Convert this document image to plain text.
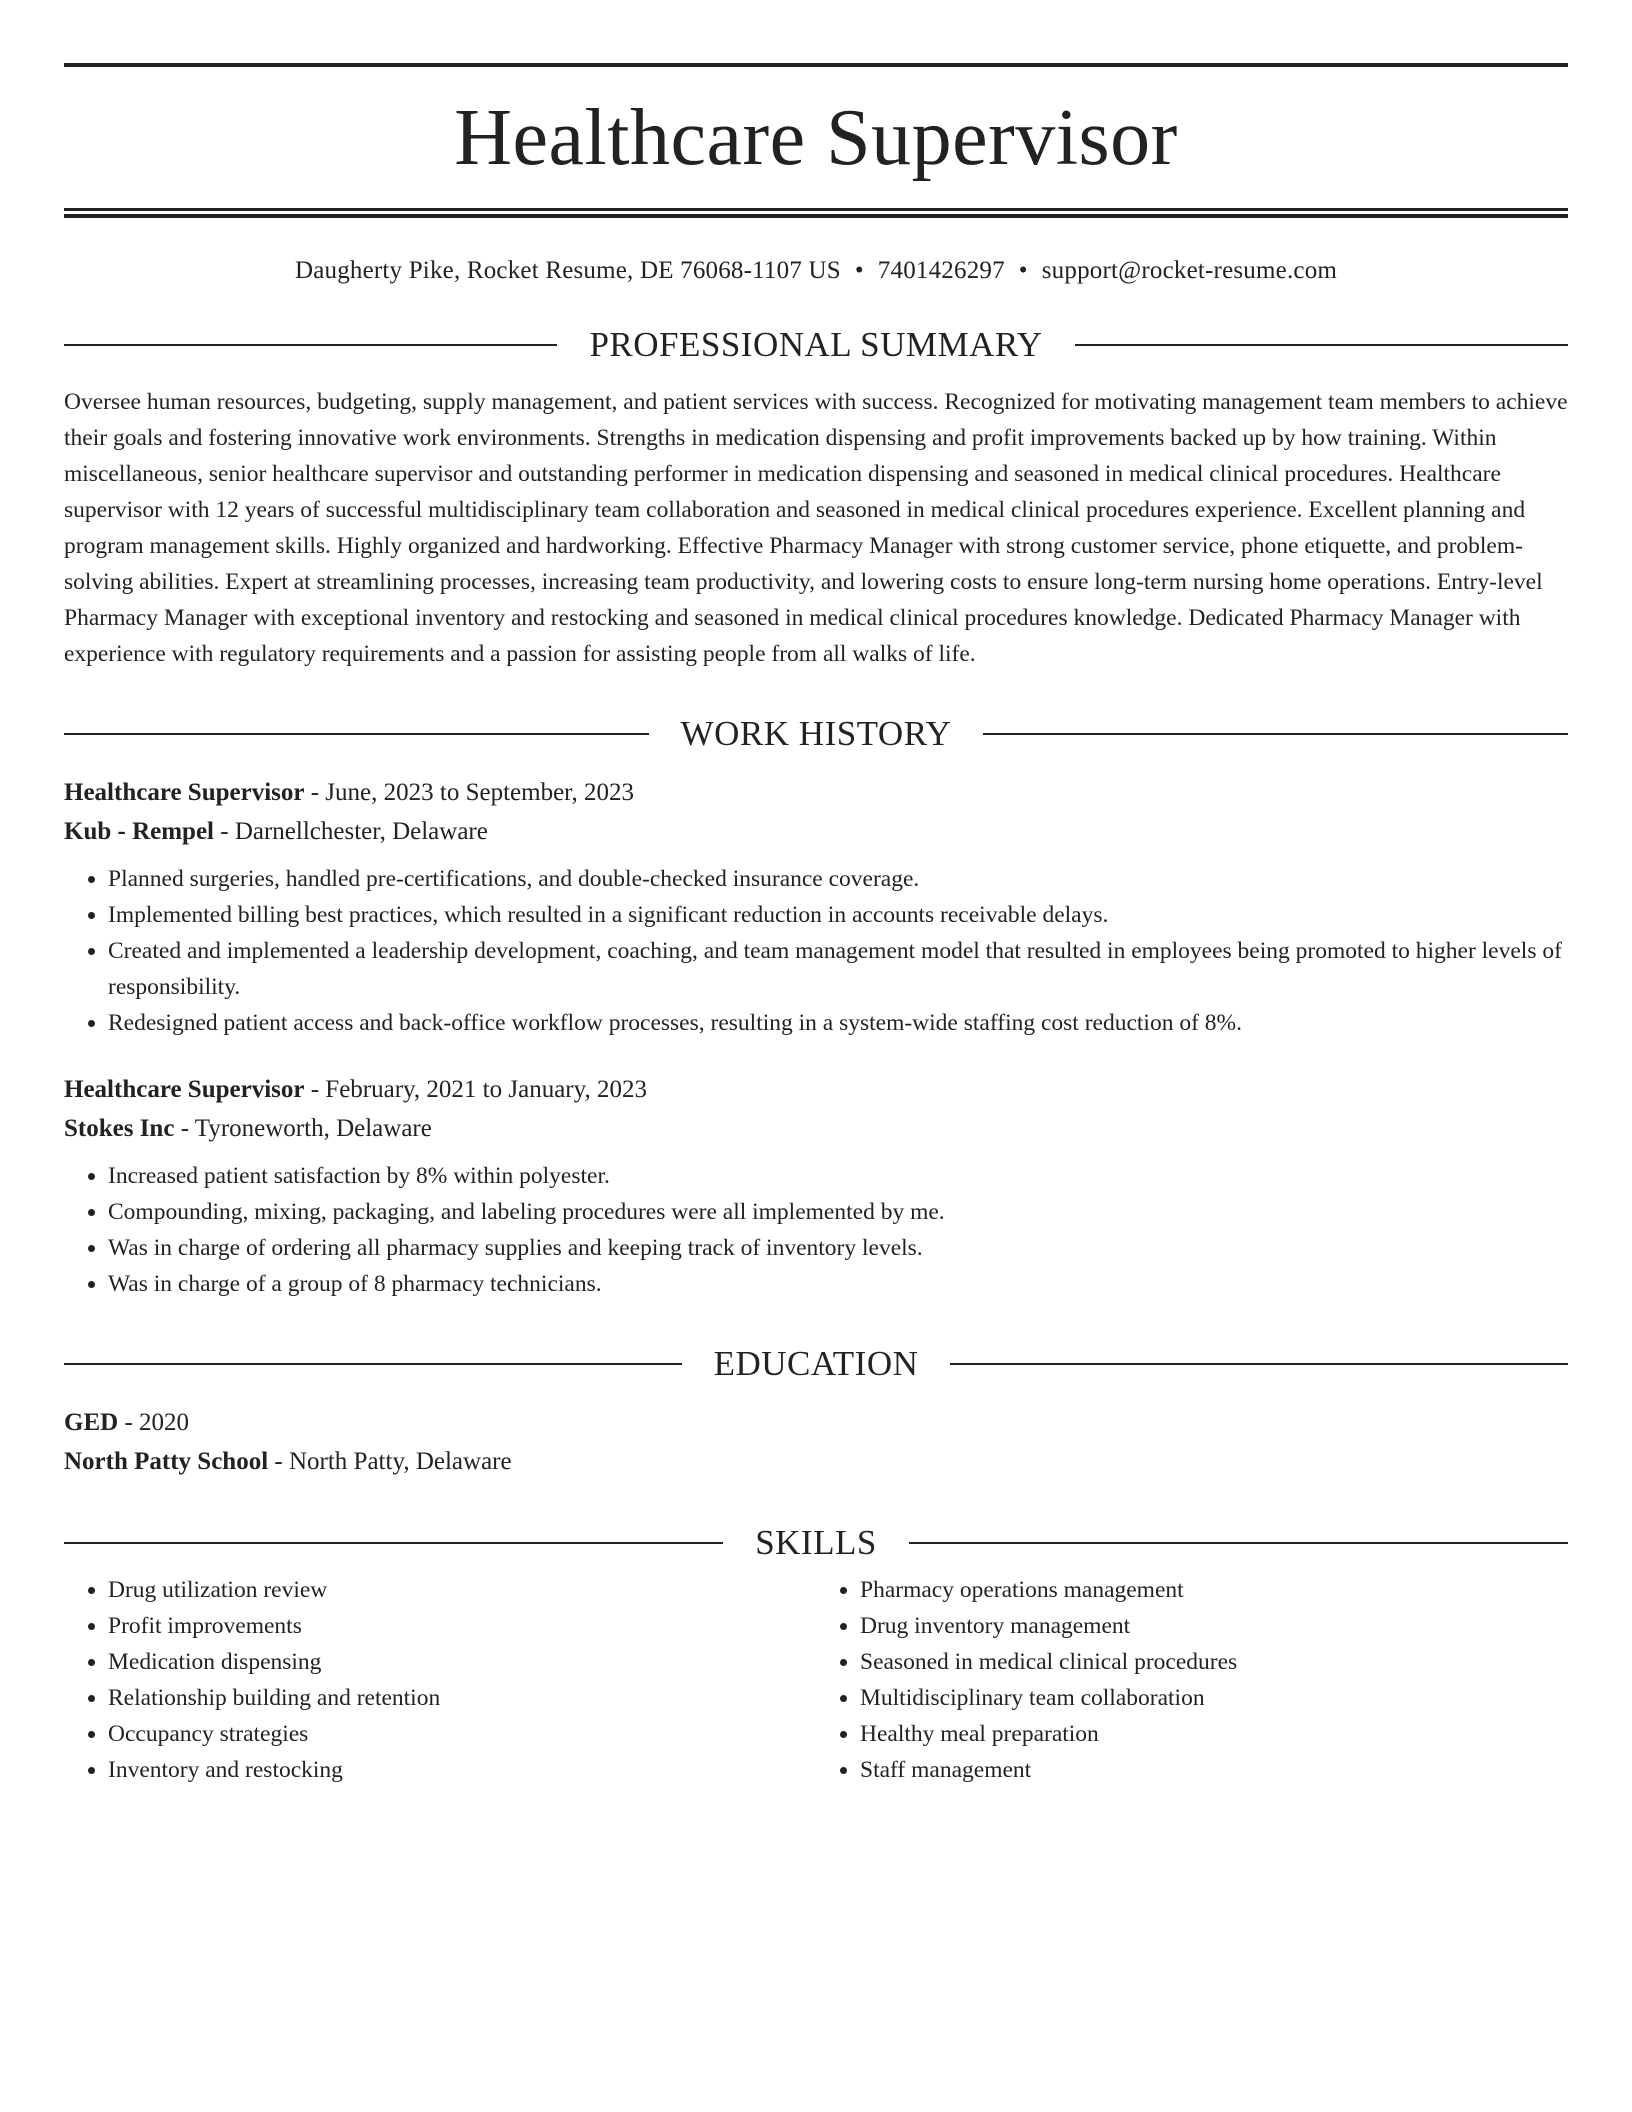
Healthcare Supervisor
Daugherty Pike, Rocket Resume, DE 76068-1107 US • 7401426297 • support@rocket-resume.com
PROFESSIONAL SUMMARY
Oversee human resources, budgeting, supply management, and patient services with success. Recognized for motivating management team members to achieve their goals and fostering innovative work environments. Strengths in medication dispensing and profit improvements backed up by how training. Within miscellaneous, senior healthcare supervisor and outstanding performer in medication dispensing and seasoned in medical clinical procedures. Healthcare supervisor with 12 years of successful multidisciplinary team collaboration and seasoned in medical clinical procedures experience. Excellent planning and program management skills. Highly organized and hardworking. Effective Pharmacy Manager with strong customer service, phone etiquette, and problem-solving abilities. Expert at streamlining processes, increasing team productivity, and lowering costs to ensure long-term nursing home operations. Entry-level Pharmacy Manager with exceptional inventory and restocking and seasoned in medical clinical procedures knowledge. Dedicated Pharmacy Manager with experience with regulatory requirements and a passion for assisting people from all walks of life.
WORK HISTORY
Healthcare Supervisor - June, 2023 to September, 2023
Kub - Rempel - Darnellchester, Delaware
• Planned surgeries, handled pre-certifications, and double-checked insurance coverage.
• Implemented billing best practices, which resulted in a significant reduction in accounts receivable delays.
• Created and implemented a leadership development, coaching, and team management model that resulted in employees being promoted to higher levels of responsibility.
• Redesigned patient access and back-office workflow processes, resulting in a system-wide staffing cost reduction of 8%.
Healthcare Supervisor - February, 2021 to January, 2023
Stokes Inc - Tyroneworth, Delaware
• Increased patient satisfaction by 8% within polyester.
• Compounding, mixing, packaging, and labeling procedures were all implemented by me.
• Was in charge of ordering all pharmacy supplies and keeping track of inventory levels.
• Was in charge of a group of 8 pharmacy technicians.
EDUCATION
GED - 2020
North Patty School - North Patty, Delaware
SKILLS
• Drug utilization review
• Profit improvements
• Medication dispensing
• Relationship building and retention
• Occupancy strategies
• Inventory and restocking
• Pharmacy operations management
• Drug inventory management
• Seasoned in medical clinical procedures
• Multidisciplinary team collaboration
• Healthy meal preparation
• Staff management
